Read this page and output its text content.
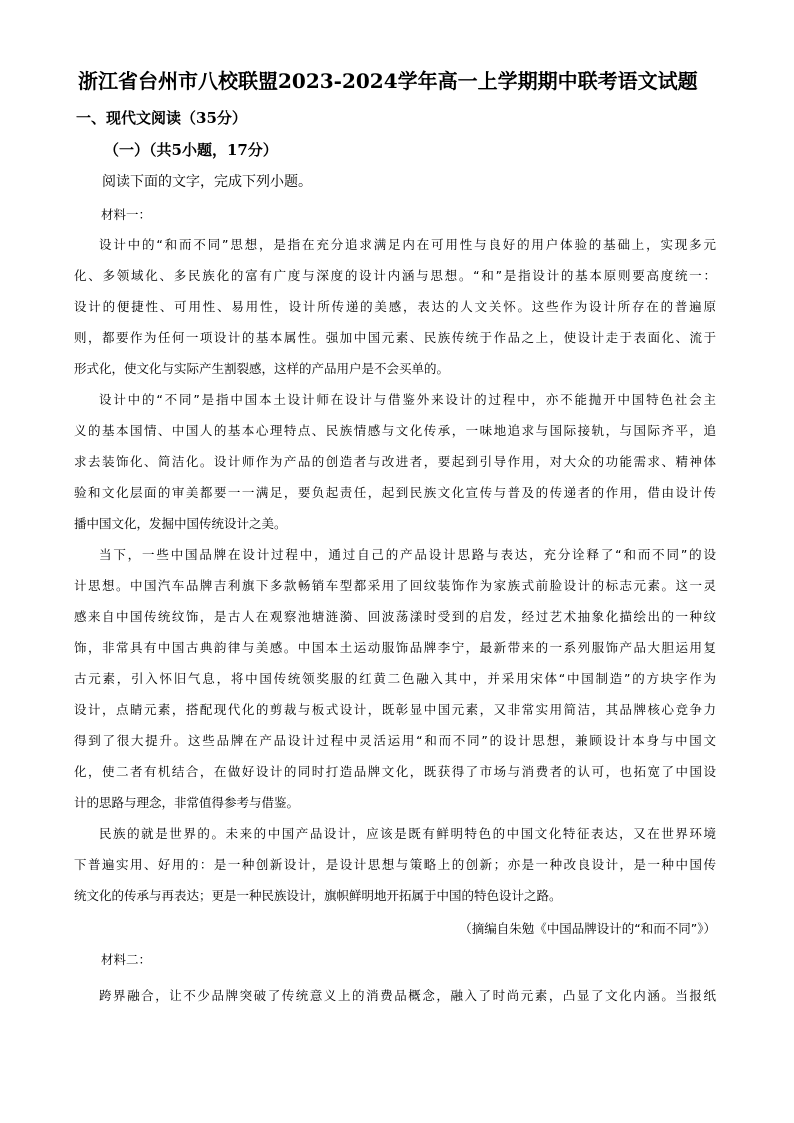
浙江省台州市八校联盟2023-2024学年高一上学期期中联考语文试题
一、现代文阅读（35分）
（一）（共5小题，17分）
阅读下面的文字，完成下列小题。
材料一：
设计中的“和而不同”思想，是指在充分追求满足内在可用性与良好的用户体验的基础上，实现多元
化、多领域化、多民族化的富有广度与深度的设计内涵与思想。“和”是指设计的基本原则要高度统一：
设计的便捷性、可用性、易用性，设计所传递的美感，表达的人文关怀。这些作为设计所存在的普遍原
则，都要作为任何一项设计的基本属性。强加中国元素、民族传统于作品之上，使设计走于表面化、流于
形式化，使文化与实际产生割裂感，这样的产品用户是不会买单的。
设计中的“不同”是指中国本土设计师在设计与借鉴外来设计的过程中，亦不能抛开中国特色社会主
义的基本国情、中国人的基本心理特点、民族情感与文化传承，一味地追求与国际接轨，与国际齐平，追
求去装饰化、简洁化。设计师作为产品的创造者与改进者，要起到引导作用，对大众的功能需求、精神体
验和文化层面的审美都要一一满足，要负起责任，起到民族文化宣传与普及的传递者的作用，借由设计传
播中国文化，发掘中国传统设计之美。
当下，一些中国品牌在设计过程中，通过自己的产品设计思路与表达，充分诠释了“和而不同”的设
计思想。中国汽车品牌吉利旗下多款畅销车型都采用了回纹装饰作为家族式前脸设计的标志元素。这一灵
感来自中国传统纹饰，是古人在观察池塘涟漪、回波荡漾时受到的启发，经过艺术抽象化描绘出的一种纹
饰，非常具有中国古典韵律与美感。中国本土运动服饰品牌李宁，最新带来的一系列服饰产品大胆运用复
古元素，引入怀旧气息，将中国传统领奖服的红黄二色融入其中，并采用宋体“中国制造”的方块字作为
设计，点睛元素，搭配现代化的剪裁与板式设计，既彰显中国元素，又非常实用简洁，其品牌核心竞争力
得到了很大提升。这些品牌在产品设计过程中灵活运用“和而不同”的设计思想，兼顾设计本身与中国文
化，使二者有机结合，在做好设计的同时打造品牌文化，既获得了市场与消费者的认可，也拓宽了中国设
计的思路与理念，非常值得参考与借鉴。
民族的就是世界的。未来的中国产品设计，应该是既有鲜明特色的中国文化特征表达，又在世界环境
下普遍实用、好用的：是一种创新设计，是设计思想与策略上的创新；亦是一种改良设计，是一种中国传
统文化的传承与再表达；更是一种民族设计，旗帜鲜明地开拓属于中国的特色设计之路。
（摘编自朱勉《中国品牌设计的“和而不同”》）
材料二：
跨界融合，让不少品牌突破了传统意义上的消费品概念，融入了时尚元素，凸显了文化内涵。当报纸
